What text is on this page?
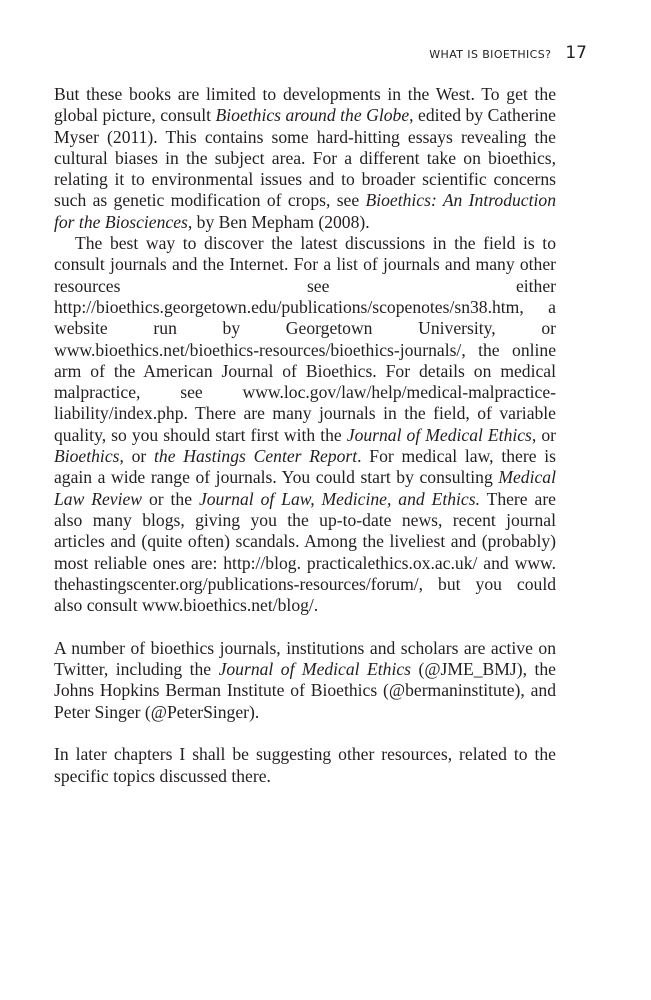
WHAT IS BIOETHICS? 17

But these books are limited to developments in the West. To get the global picture, consult Bioethics around the Globe, edited by Catherine Myser (2011). This contains some hard-hitting essays revealing the cultural biases in the subject area. For a different take on bioethics, relating it to environmental issues and to broader scientific concerns such as genetic modification of crops, see Bioethics: An Introduction for the Biosciences, by Ben Mepham (2008).

The best way to discover the latest discussions in the field is to consult journals and the Internet. For a list of journals and many other resources see either http://bioethics.georgetown.edu/publications/scopenotes/sn38.htm, a website run by Georgetown University, or www.bioethics.net/bioethics-resources/bioethics-journals/, the online arm of the American Journal of Bioethics. For details on medical malpractice, see www.loc.gov/law/help/medical-malpractice-liability/index.php. There are many journals in the field, of variable quality, so you should start first with the Journal of Medical Ethics, or Bioethics, or the Hastings Center Report. For medical law, there is again a wide range of journals. You could start by consulting Medical Law Review or the Journal of Law, Medicine, and Ethics. There are also many blogs, giving you the up-to-date news, recent journal articles and (quite often) scandals. Among the liveliest and (probably) most reliable ones are: http://blog. practicalethics.ox.ac.uk/ and www. thehastingscenter.org/publications-resources/forum/, but you could also consult www.bioethics.net/blog/.

A number of bioethics journals, institutions and scholars are active on Twitter, including the Journal of Medical Ethics (@JME_BMJ), the Johns Hopkins Berman Institute of Bioethics (@bermaninstitute), and Peter Singer (@PeterSinger).

In later chapters I shall be suggesting other resources, related to the specific topics discussed there.
